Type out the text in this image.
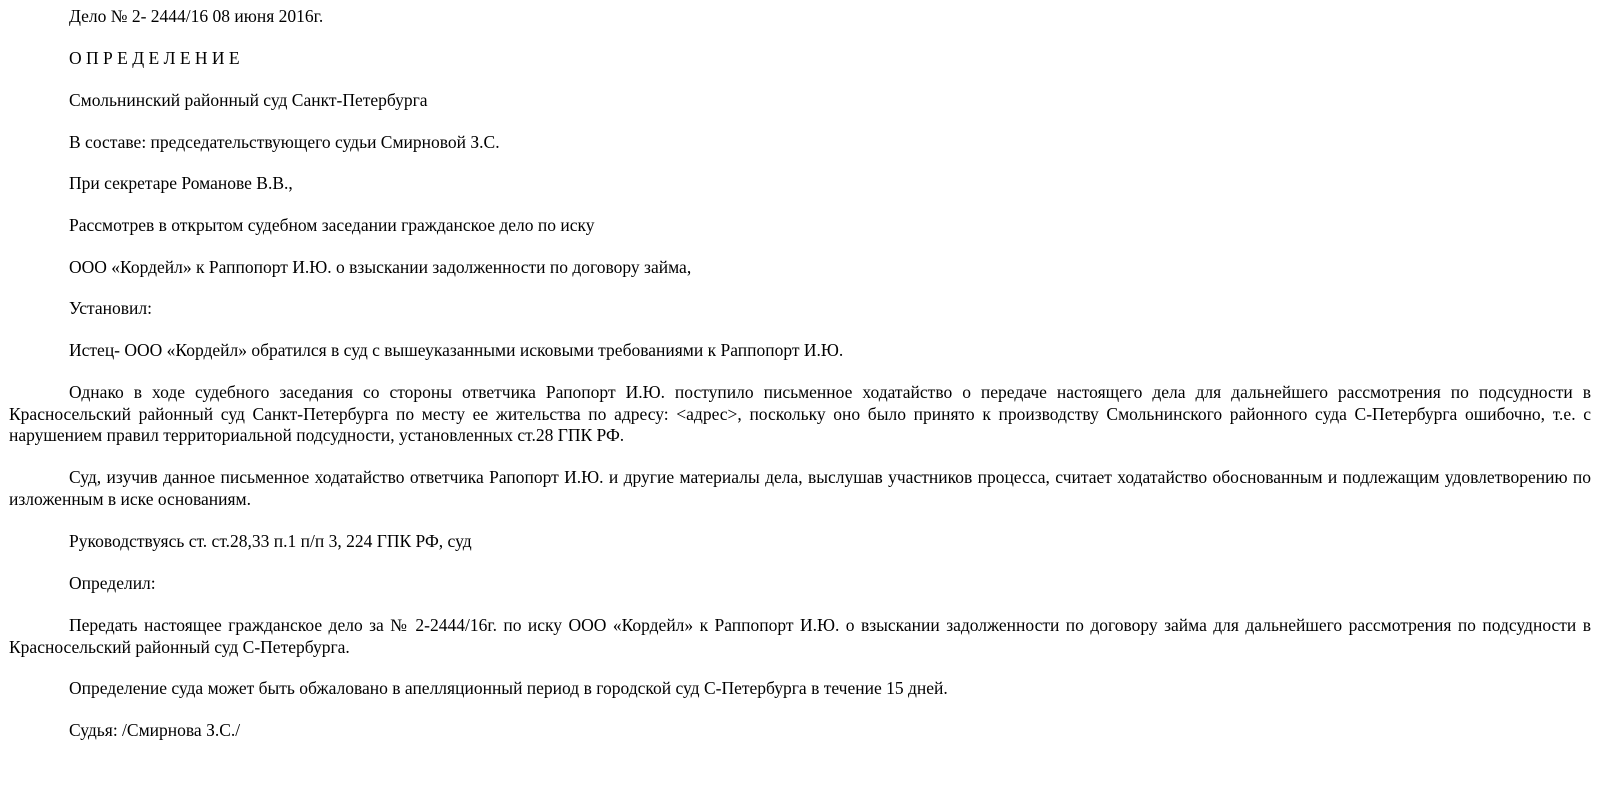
Дело № 2- 2444/16 08 июня 2016г.

О П Р Е Д Е Л Е Н И Е

Смольнинский районный суд Санкт-Петербурга

В составе: председательствующего судьи Смирновой З.С.

При секретаре Романове В.В.,

Рассмотрев в открытом судебном заседании гражданское дело по иску

ООО «Кордейл» к Раппопорт И.Ю. о взыскании задолженности по договору займа,

Установил:

Истец- ООО «Кордейл» обратился в суд с вышеуказанными исковыми требованиями к Раппопорт И.Ю.

Однако в ходе судебного заседания со стороны ответчика Рапопорт И.Ю. поступило письменное ходатайство о передаче настоящего дела для дальнейшего рассмотрения по подсудности в Красносельский районный суд Санкт-Петербурга по месту ее жительства по адресу: <адрес>, поскольку оно было принято к производству Смольнинского районного суда С-Петербурга ошибочно, т.е. с нарушением правил территориальной подсудности, установленных ст.28 ГПК РФ.

Суд, изучив данное письменное ходатайство ответчика Рапопорт И.Ю. и другие материалы дела, выслушав участников процесса, считает ходатайство обоснованным и подлежащим удовлетворению по изложенным в иске основаниям.

Руководствуясь ст. ст.28,33 п.1 п/п 3, 224 ГПК РФ, суд

Определил:

Передать настоящее гражданское дело за № 2-2444/16г. по иску ООО «Кордейл» к Раппопорт И.Ю. о взыскании задолженности по договору займа для дальнейшего рассмотрения по подсудности в Красносельский районный суд С-Петербурга.

Определение суда может быть обжаловано в апелляционный период в городской суд С-Петербурга в течение 15 дней.

Судья: /Смирнова З.С./
